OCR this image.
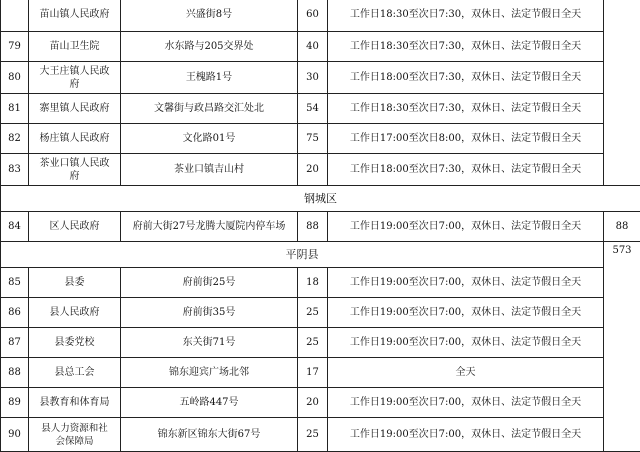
	苗山镇人民政府	兴盛街8号	60	工作日18:30至次日7:30，双休日、法定节假日全天	
79	苗山卫生院	水东路与205交界处	40	工作日18:30至次日7:30，双休日、法定节假日全天	
80	大王庄镇人民政府	王槐路1号	30	工作日18:00至次日7:30，双休日、法定节假日全天	
81	寨里镇人民政府	文馨街与政昌路交汇处北	54	工作日18:30至次日7:30，双休日、法定节假日全天	
82	杨庄镇人民政府	文化路01号	75	工作日17:00至次日8:00，双休日、法定节假日全天	
83	茶业口镇人民政府	茶业口镇吉山村	20	工作日18:00至次日7:30，双休日、法定节假日全天	
钢城区					
84	区人民政府	府前大街27号龙腾大厦院内停车场	88	工作日19:00至次日7:00，双休日、法定节假日全天	88
平阴县					573
85	县委	府前街25号	18	工作日19:00至次日7:00，双休日、法定节假日全天	
86	县人民政府	府前街35号	25	工作日19:00至次日7:00，双休日、法定节假日全天	
87	县委党校	东关街71号	25	工作日19:00至次日7:00，双休日、法定节假日全天	
88	县总工会	锦东迎宾广场北邻	17	全天	
89	县教育和体育局	五岭路447号	20	工作日19:00至次日7:00，双休日、法定节假日全天	
90	县人力资源和社会保障局	锦东新区锦东大街67号	25	工作日19:00至次日7:00，双休日、法定节假日全天	
